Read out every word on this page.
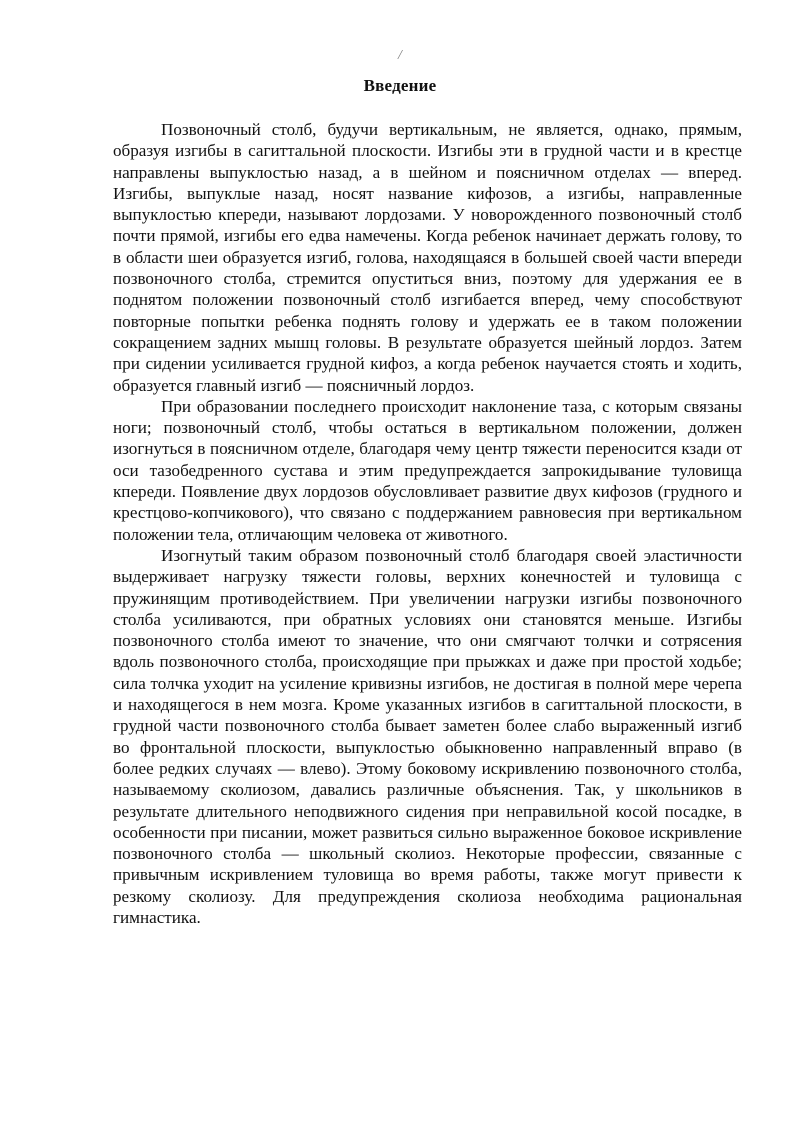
/
Введение

Позвоночный столб, будучи вертикальным, не является, однако, прямым, образуя изгибы в сагиттальной плоскости. Изгибы эти в грудной части и в крестце направлены выпуклостью назад, а в шейном и поясничном отделах — вперед. Изгибы, выпуклые назад, носят название кифозов, а изгибы, направленные выпуклостью кпереди, называют лордозами. У новорожденного позвоночный столб почти прямой, изгибы его едва намечены. Когда ребенок начинает держать голову, то в области шеи образуется изгиб, голова, находящаяся в большей своей части впереди позвоночного столба, стремится опуститься вниз, поэтому для удержания ее в поднятом положении позвоночный столб изгибается вперед, чему способствуют повторные попытки ребенка поднять голову и удержать ее в таком положении сокращением задних мышц головы. В результате образуется шейный лордоз. Затем при сидении усиливается грудной кифоз, а когда ребенок научается стоять и ходить, образуется главный изгиб — поясничный лордоз.

При образовании последнего происходит наклонение таза, с которым связаны ноги; позвоночный столб, чтобы остаться в вертикальном положении, должен изогнуться в поясничном отделе, благодаря чему центр тяжести переносится кзади от оси тазобедренного сустава и этим предупреждается запрокидывание туловища кпереди. Появление двух лордозов обусловливает развитие двух кифозов (грудного и крестцово-копчикового), что связано с поддержанием равновесия при вертикальном положении тела, отличающим человека от животного.

Изогнутый таким образом позвоночный столб благодаря своей эластичности выдерживает нагрузку тяжести головы, верхних конечностей и туловища с пружинящим противодействием. При увеличении нагрузки изгибы позвоночного столба усиливаются, при обратных условиях они становятся меньше. Изгибы позвоночного столба имеют то значение, что они смягчают толчки и сотрясения вдоль позвоночного столба, происходящие при прыжках и даже при простой ходьбе; сила толчка уходит на усиление кривизны изгибов, не достигая в полной мере черепа и находящегося в нем мозга. Кроме указанных изгибов в сагиттальной плоскости, в грудной части позвоночного столба бывает заметен более слабо выраженный изгиб во фронтальной плоскости, выпуклостью обыкновенно направленный вправо (в более редких случаях — влево). Этому боковому искривлению позвоночного столба, называемому сколиозом, давались различные объяснения. Так, у школьников в результате длительного неподвижного сидения при неправильной косой посадке, в особенности при писании, может развиться сильно выраженное боковое искривление позвоночного столба — школьный сколиоз. Некоторые профессии, связанные с привычным искривлением туловища во время работы, также могут привести к резкому сколиозу. Для предупреждения сколиоза необходима рациональная гимнастика.
